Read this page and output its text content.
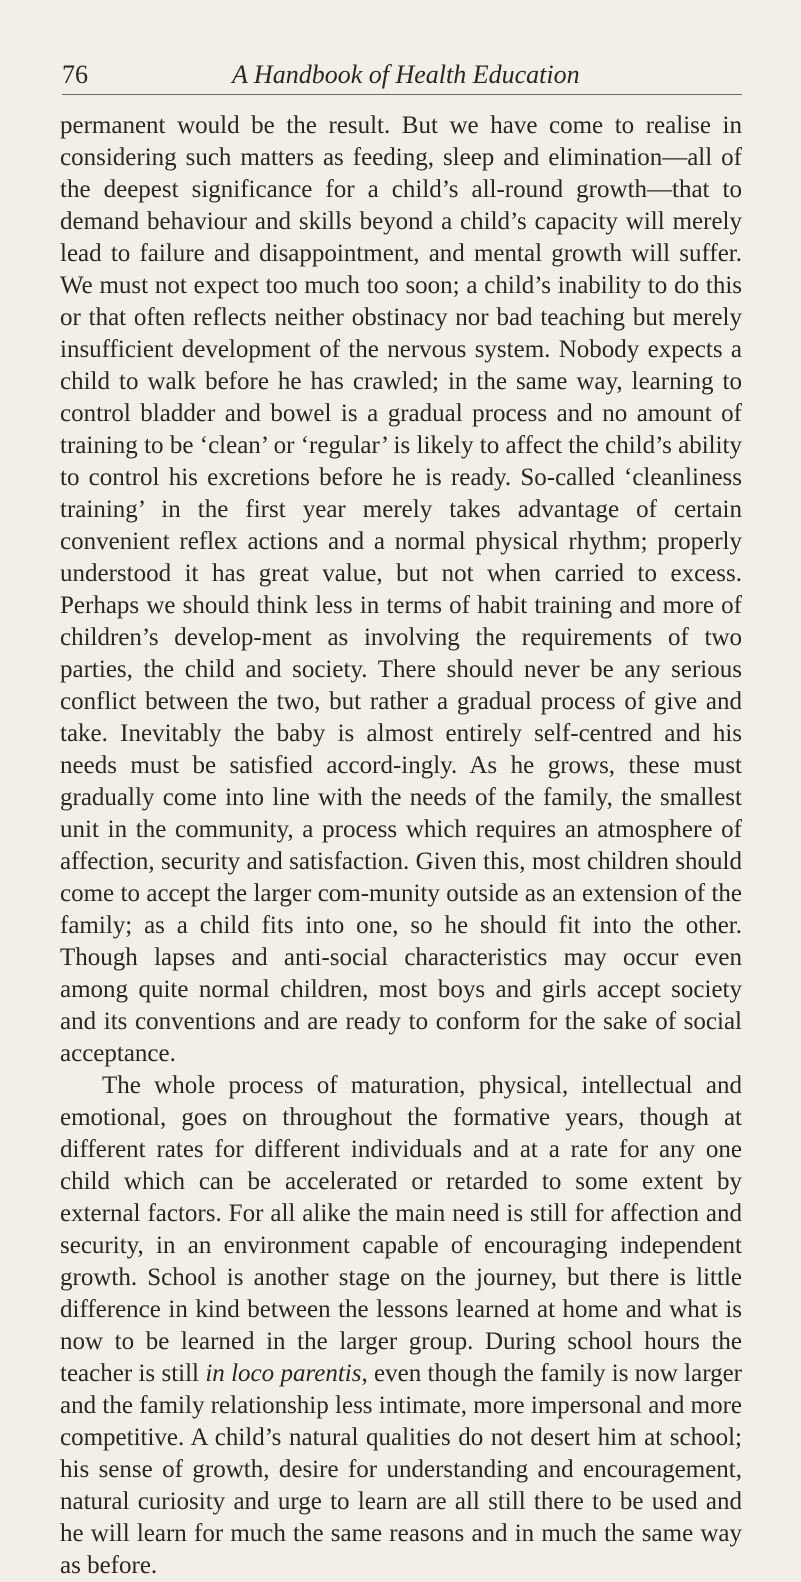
76	A Handbook of Health Education

permanent would be the result. But we have come to realise in considering such matters as feeding, sleep and elimination—all of the deepest significance for a child’s all-round growth—that to demand behaviour and skills beyond a child’s capacity will merely lead to failure and disappointment, and mental growth will suffer. We must not expect too much too soon; a child’s inability to do this or that often reflects neither obstinacy nor bad teaching but merely insufficient development of the nervous system. Nobody expects a child to walk before he has crawled; in the same way, learning to control bladder and bowel is a gradual process and no amount of training to be ‘clean’ or ‘regular’ is likely to affect the child’s ability to control his excretions before he is ready. So-called ‘cleanliness training’ in the first year merely takes advantage of certain convenient reflex actions and a normal physical rhythm; properly understood it has great value, but not when carried to excess. Perhaps we should think less in terms of habit training and more of children’s develop-ment as involving the requirements of two parties, the child and society. There should never be any serious conflict between the two, but rather a gradual process of give and take. Inevitably the baby is almost entirely self-centred and his needs must be satisfied accord-ingly. As he grows, these must gradually come into line with the needs of the family, the smallest unit in the community, a process which requires an atmosphere of affection, security and satisfaction. Given this, most children should come to accept the larger com-munity outside as an extension of the family; as a child fits into one, so he should fit into the other. Though lapses and anti-social characteristics may occur even among quite normal children, most boys and girls accept society and its conventions and are ready to conform for the sake of social acceptance.

The whole process of maturation, physical, intellectual and emotional, goes on throughout the formative years, though at different rates for different individuals and at a rate for any one child which can be accelerated or retarded to some extent by external factors. For all alike the main need is still for affection and security, in an environment capable of encouraging independent growth. School is another stage on the journey, but there is little difference in kind between the lessons learned at home and what is now to be learned in the larger group. During school hours the teacher is still in loco parentis, even though the family is now larger and the family relationship less intimate, more impersonal and more competitive. A child’s natural qualities do not desert him at school; his sense of growth, desire for understanding and encouragement, natural curiosity and urge to learn are all still there to be used and he will learn for much the same reasons and in much the same way as before.
